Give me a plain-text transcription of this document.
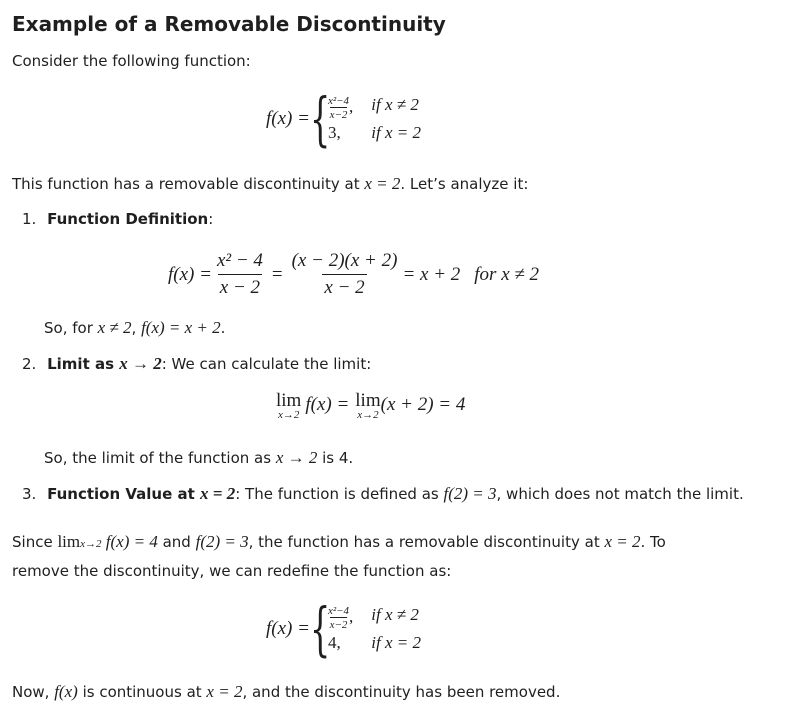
Example of a Removable Discontinuity
Consider the following function:
f(x) = {
$\frac{\text{x²−4}}{x-2}$ , if x ≠ 2
3,	if x = 2
This function has a removable discontinuity at x = 2. Let’s analyze it:
1. Function Definition:
$f(x) = \frac{\text{x² − 4}}{x - 2} = \frac{(x - 2)(x + 2)}{x - 2} = x + 2$ for x ≠ 2
So, for x ≠ 2, f(x) = x + 2.
2. Limit as x → 2: We can calculate the limit:
lim
x→2 f(x) = lim
x→2 (x + 2) = 4
So, the limit of the function as x → 2 is 4.
3. Function Value at x = 2: The function is defined as f(2) = 3, which does not match the limit.
Since limx→2 f(x) = 4 and f(2) = 3, the function has a removable discontinuity at x = 2. To
remove the discontinuity, we can redefine the function as:
f(x) = {
$\frac{\text{x²−4}}{x-2}$ , if x ≠ 2
4,	if x = 2
Now, f(x) is continuous at x = 2, and the discontinuity has been removed.
